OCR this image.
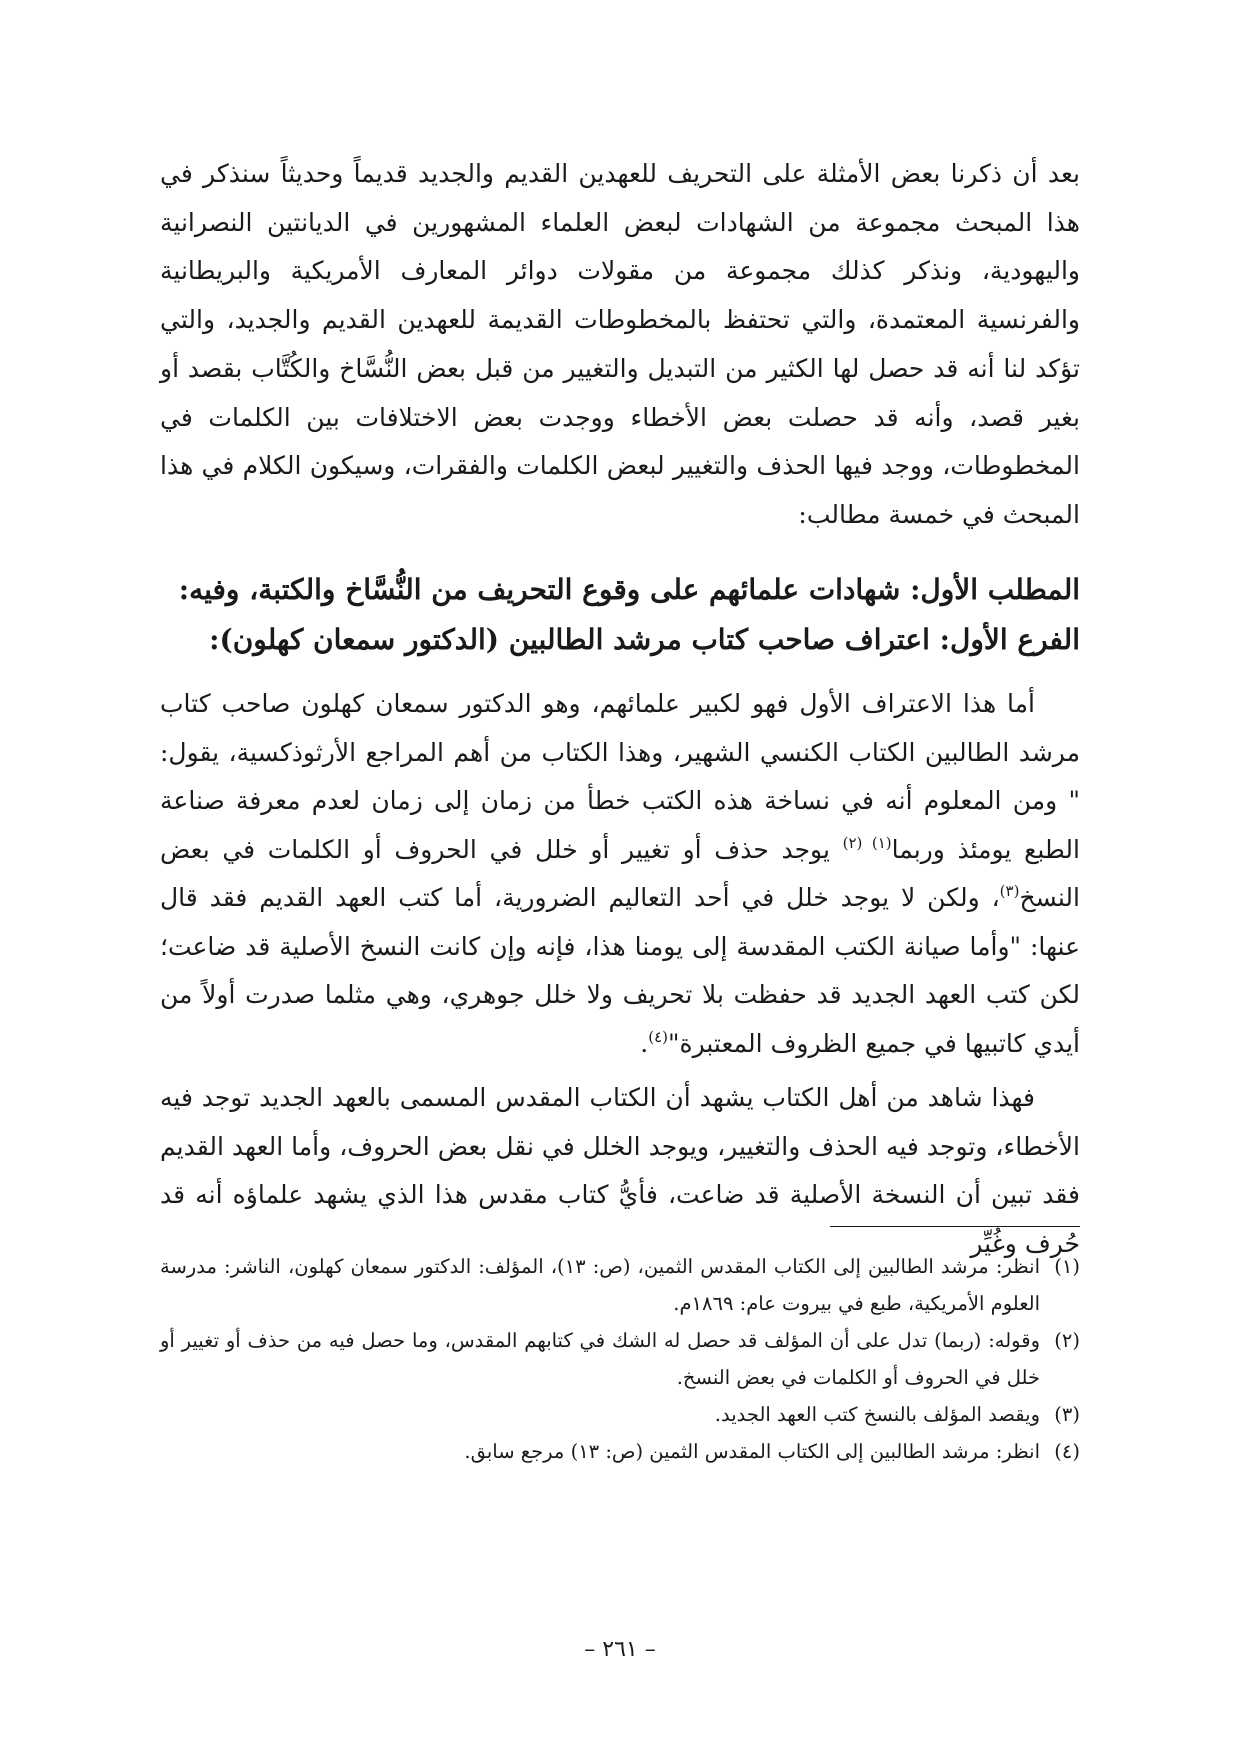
بعد أن ذكرنا بعض الأمثلة على التحريف للعهدين القديم والجديد قديماً وحديثاً سنذكر في هذا المبحث مجموعة من الشهادات لبعض العلماء المشهورين في الديانتين النصرانية واليهودية، ونذكر كذلك مجموعة من مقولات دوائر المعارف الأمريكية والبريطانية والفرنسية المعتمدة، والتي تحتفظ بالمخطوطات القديمة للعهدين القديم والجديد، والتي تؤكد لنا أنه قد حصل لها الكثير من التبديل والتغيير من قبل بعض النُّسَّاخ والكُتَّاب بقصد أو بغير قصد، وأنه قد حصلت بعض الأخطاء ووجدت بعض الاختلافات بين الكلمات في المخطوطات، ووجد فيها الحذف والتغيير لبعض الكلمات والفقرات، وسيكون الكلام في هذا المبحث في خمسة مطالب:
المطلب الأول: شهادات علمائهم على وقوع التحريف من النُّسَّاخ والكتبة، وفيه:
الفرع الأول: اعتراف صاحب كتاب مرشد الطالبين (الدكتور سمعان كهلون):

أما هذا الاعتراف الأول فهو لكبير علمائهم، وهو الدكتور سمعان كهلون صاحب كتاب مرشد الطالبين الكتاب الكنسي الشهير، وهذا الكتاب من أهم المراجع الأرثوذكسية، يقول: " ومن المعلوم أنه في نساخة هذه الكتب خطأ من زمان إلى زمان لعدم معرفة صناعة الطبع يومئذ وربما$^{(١) (٢)}$ يوجد حذف أو تغيير أو خلل في الحروف أو الكلمات في بعض النسخ$^{(٣)}$، ولكن لا يوجد خلل في أحد التعاليم الضرورية، أما كتب العهد القديم فقد قال عنها: "وأما صيانة الكتب المقدسة إلى يومنا هذا، فإنه وإن كانت النسخ الأصلية قد ضاعت؛ لكن كتب العهد الجديد قد حفظت بلا تحريف ولا خلل جوهري، وهي مثلما صدرت أولاً من أيدي كاتبيها في جميع الظروف المعتبرة"$^{(٤)}$.

فهذا شاهد من أهل الكتاب يشهد أن الكتاب المقدس المسمى بالعهد الجديد توجد فيه الأخطاء، وتوجد فيه الحذف والتغيير، ويوجد الخلل في نقل بعض الحروف، وأما العهد القديم فقد تبين أن النسخة الأصلية قد ضاعت، فأيُّ كتاب مقدس هذا الذي يشهد علماؤه أنه قد حُرف وغُيِّر

(١)انظر: مرشد الطالبين إلى الكتاب المقدس الثمين، (ص: ١٣)، المؤلف: الدكتور سمعان كهلون، الناشر: مدرسة العلوم الأمريكية، طبع في بيروت عام: ١٨٦٩م.
(٢)وقوله: (ربما) تدل على أن المؤلف قد حصل له الشك في كتابهم المقدس، وما حصل فيه من حذف أو تغيير أو خلل في الحروف أو الكلمات في بعض النسخ.
(٣)ويقصد المؤلف بالنسخ كتب العهد الجديد.
(٤)انظر: مرشد الطالبين إلى الكتاب المقدس الثمين (ص: ١٣) مرجع سابق.
– ٢٦١ –
